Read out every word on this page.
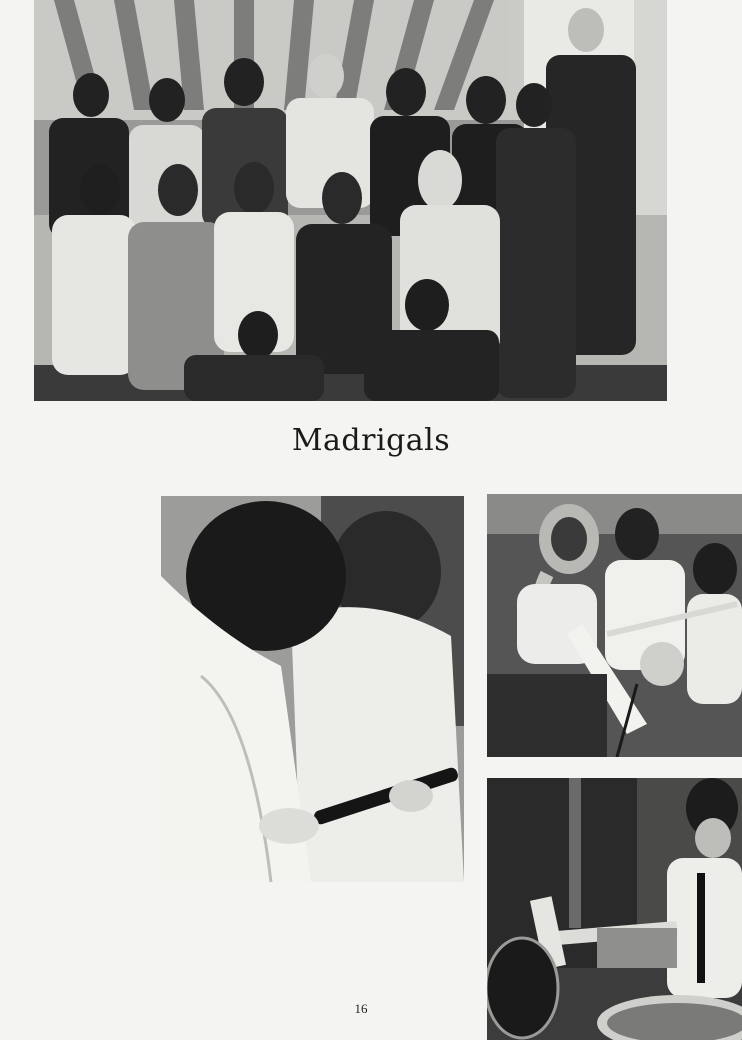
Madrigals
16
